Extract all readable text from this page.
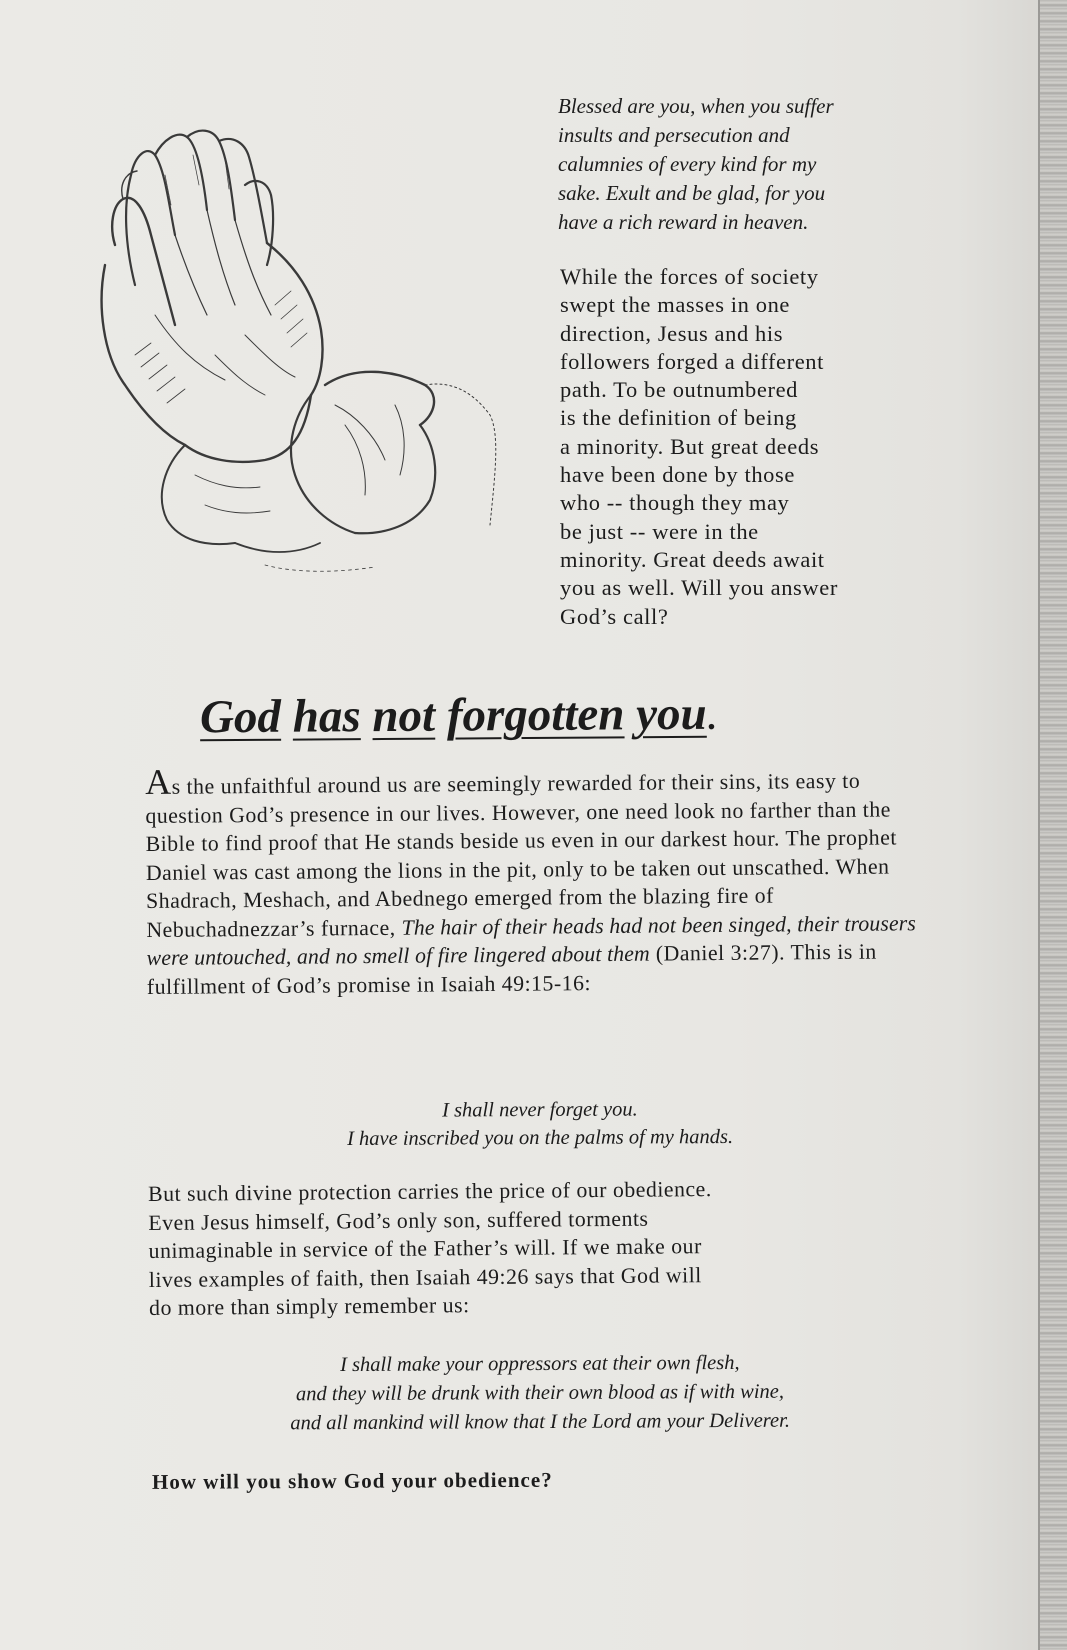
Blessed are you, when you suffer
insults and persecution and
calumnies of every kind for my
sake. Exult and be glad, for you
have a rich reward in heaven.

While the forces of society
swept the masses in one
direction, Jesus and his
followers forged a different
path. To be outnumbered
is the definition of being
a minority. But great deeds
have been done by those
who -- though they may
be just -- were in the
minority. Great deeds await
you as well. Will you answer
God’s call?

God has not forgotten you.

As the unfaithful around us are seemingly rewarded for their sins, its easy to question God’s presence in our lives. However, one need look no farther than the Bible to find proof that He stands beside us even in our darkest hour. The prophet Daniel was cast among the lions in the pit, only to be taken out unscathed. When Shadrach, Meshach, and Abednego emerged from the blazing fire of Nebuchadnezzar’s furnace, The hair of their heads had not been singed, their trousers were untouched, and no smell of fire lingered about them (Daniel 3:27). This is in fulfillment of God’s promise in Isaiah 49:15-16:

I shall never forget you.
I have inscribed you on the palms of my hands.

But such divine protection carries the price of our obedience.
Even Jesus himself, God’s only son, suffered torments
unimaginable in service of the Father’s will. If we make our
lives examples of faith, then Isaiah 49:26 says that God will
do more than simply remember us:

I shall make your oppressors eat their own flesh,
and they will be drunk with their own blood as if with wine,
and all mankind will know that I the Lord am your Deliverer.

How will you show God your obedience?
